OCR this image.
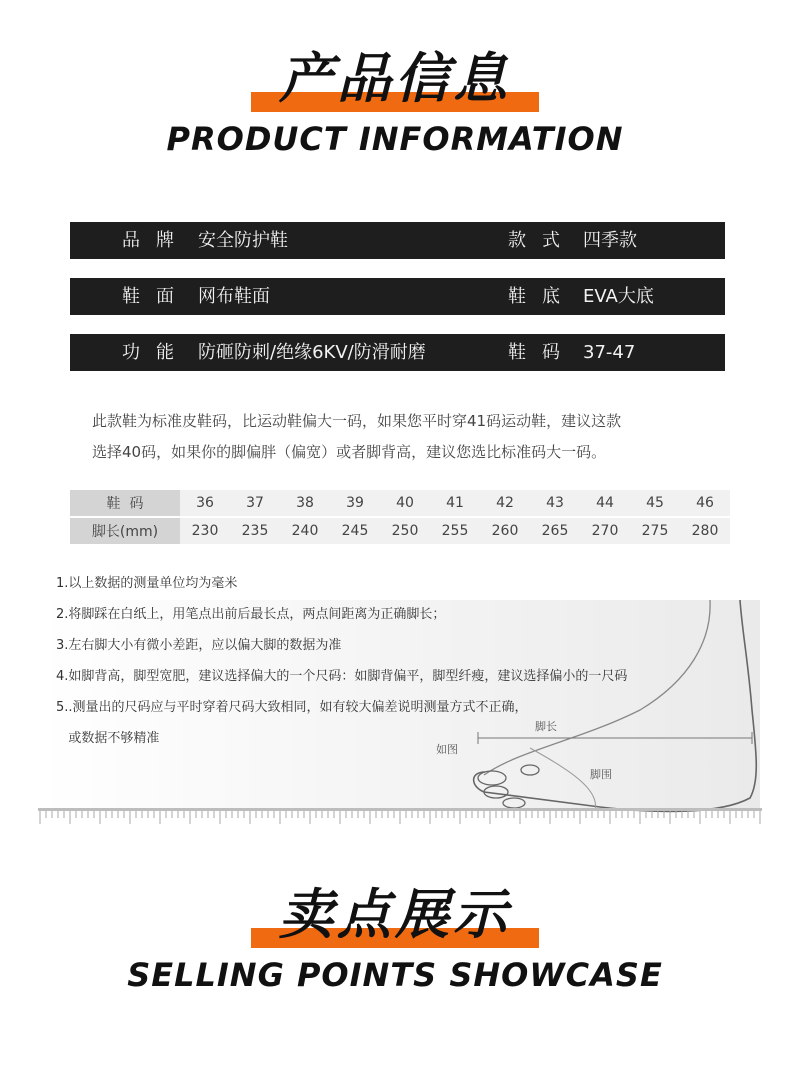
产品信息
PRODUCT INFORMATION
品牌 安全防护鞋	款式 四季款
鞋面 网布鞋面	鞋底 EVA大底
功能 防砸防刺/绝缘6KV/防滑耐磨	鞋码 37-47
此款鞋为标准皮鞋码，比运动鞋偏大一码，如果您平时穿41码运动鞋，建议这款
选择40码，如果你的脚偏胖（偏宽）或者脚背高，建议您选比标准码大一码。
鞋  码	36	37	38	39	40	41	42	43	44	45	46
脚长(mm)	230	235	240	245	250	255	260	265	270	275	280
脚长
脚围
如图
1.以上数据的测量单位均为毫米
2.将脚踩在白纸上，用笔点出前后最长点，两点间距离为正确脚长；
3.左右脚大小有微小差距，应以偏大脚的数据为准
4.如脚背高，脚型宽肥，建议选择偏大的一个尺码：如脚背偏平，脚型纤瘦，建议选择偏小的一尺码
5..测量出的尺码应与平时穿着尺码大致相同，如有较大偏差说明测量方式不正确，
或数据不够精准
卖点展示
SELLING POINTS SHOWCASE
